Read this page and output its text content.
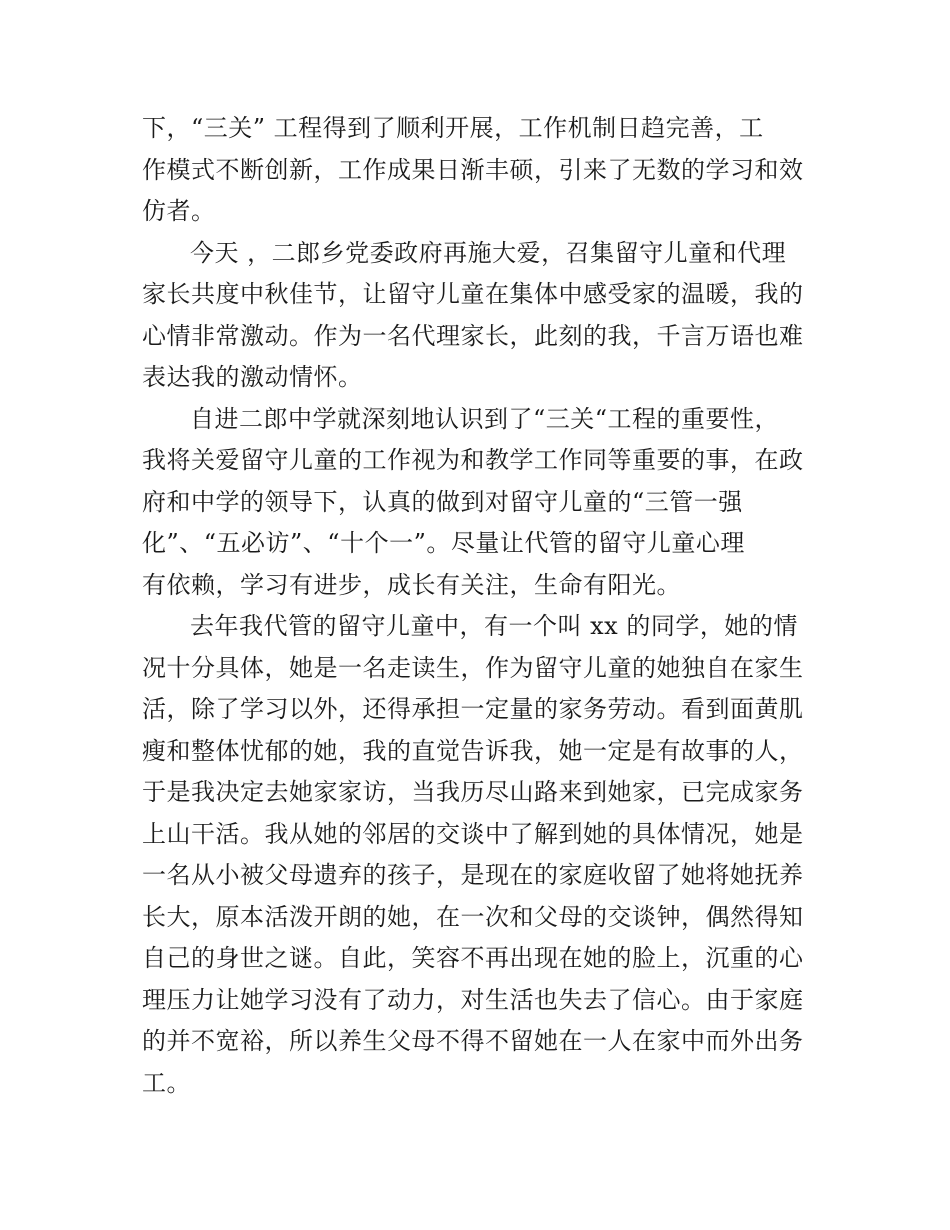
下，“三关” 工程得到了顺利开展，工作机制日趋完善，工
作模式不断创新，工作成果日渐丰硕，引来了无数的学习和效
仿者。

今天 ，二郎乡党委政府再施大爱，召集留守儿童和代理
家长共度中秋佳节，让留守儿童在集体中感受家的温暖，我的
心情非常激动。作为一名代理家长，此刻的我，千言万语也难
表达我的激动情怀。

自进二郎中学就深刻地认识到了“三关“工程的重要性，
我将关爱留守儿童的工作视为和教学工作同等重要的事，在政
府和中学的领导下，认真的做到对留守儿童的“三管一强
化”、“五必访”、“十个一”。尽量让代管的留守儿童心理
有依赖，学习有进步，成长有关注，生命有阳光。

去年我代管的留守儿童中，有一个叫 xx 的同学，她的情
况十分具体，她是一名走读生，作为留守儿童的她独自在家生
活，除了学习以外，还得承担一定量的家务劳动。看到面黄肌
瘦和整体忧郁的她，我的直觉告诉我，她一定是有故事的人，
于是我决定去她家家访，当我历尽山路来到她家，已完成家务
上山干活。我从她的邻居的交谈中了解到她的具体情况，她是
一名从小被父母遗弃的孩子，是现在的家庭收留了她将她抚养
长大，原本活泼开朗的她，在一次和父母的交谈钟，偶然得知
自己的身世之谜。自此，笑容不再出现在她的脸上，沉重的心
理压力让她学习没有了动力，对生活也失去了信心。由于家庭
的并不宽裕，所以养生父母不得不留她在一人在家中而外出务
工。
